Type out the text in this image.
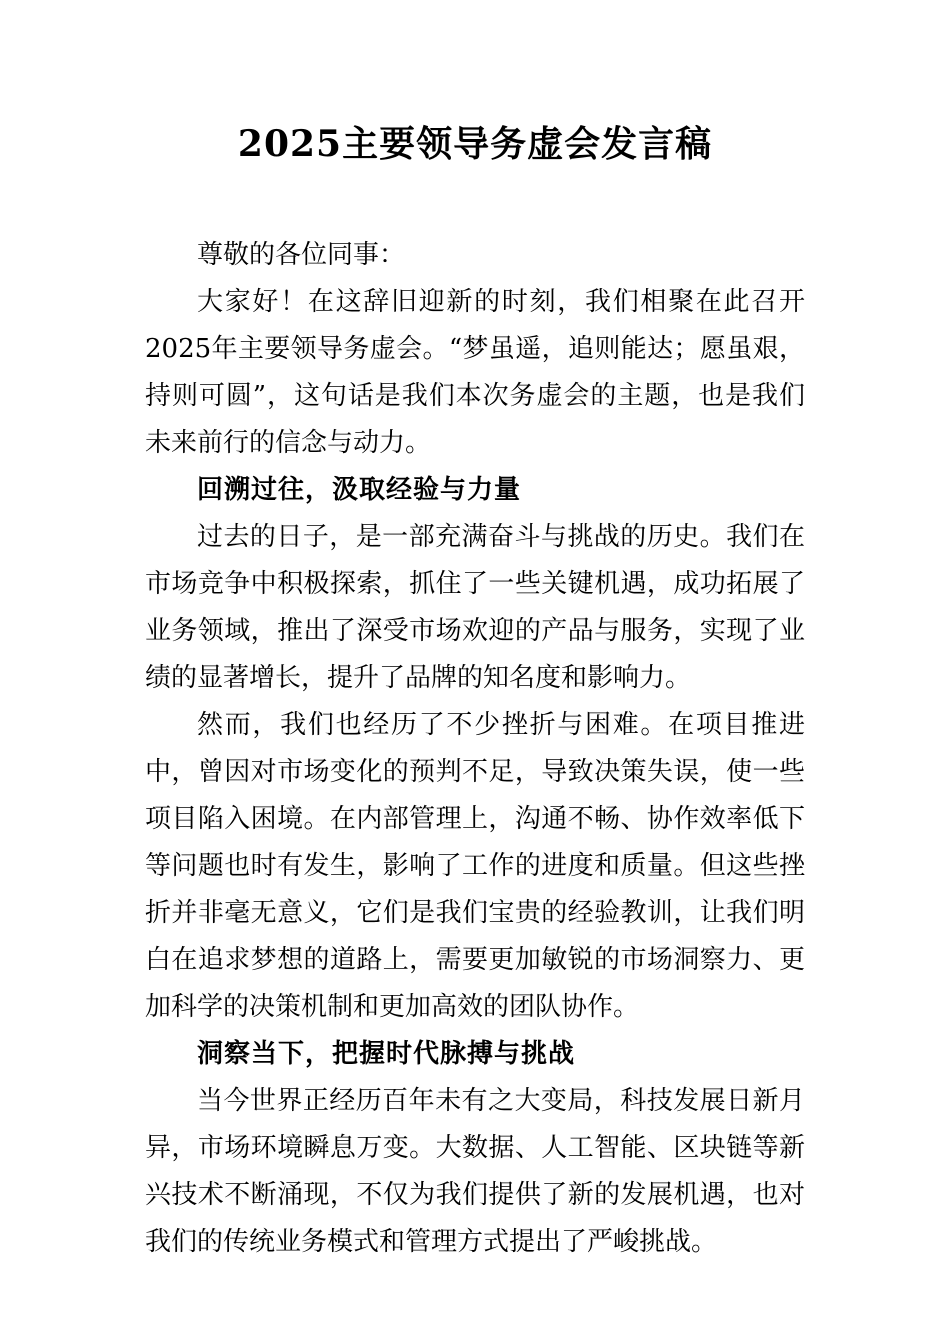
2025主要领导务虚会发言稿

尊敬的各位同事：

大家好！在这辞旧迎新的时刻，我们相聚在此召开2025年主要领导务虚会。“梦虽遥，追则能达；愿虽艰，持则可圆”，这句话是我们本次务虚会的主题，也是我们未来前行的信念与动力。

回溯过往，汲取经验与力量

过去的日子，是一部充满奋斗与挑战的历史。我们在市场竞争中积极探索，抓住了一些关键机遇，成功拓展了业务领域，推出了深受市场欢迎的产品与服务，实现了业绩的显著增长，提升了品牌的知名度和影响力。

然而，我们也经历了不少挫折与困难。在项目推进中，曾因对市场变化的预判不足，导致决策失误，使一些项目陷入困境。在内部管理上，沟通不畅、协作效率低下等问题也时有发生，影响了工作的进度和质量。但这些挫折并非毫无意义，它们是我们宝贵的经验教训，让我们明白在追求梦想的道路上，需要更加敏锐的市场洞察力、更加科学的决策机制和更加高效的团队协作。

洞察当下，把握时代脉搏与挑战

当今世界正经历百年未有之大变局，科技发展日新月异，市场环境瞬息万变。大数据、人工智能、区块链等新兴技术不断涌现，不仅为我们提供了新的发展机遇，也对我们的传统业务模式和管理方式提出了严峻挑战。
